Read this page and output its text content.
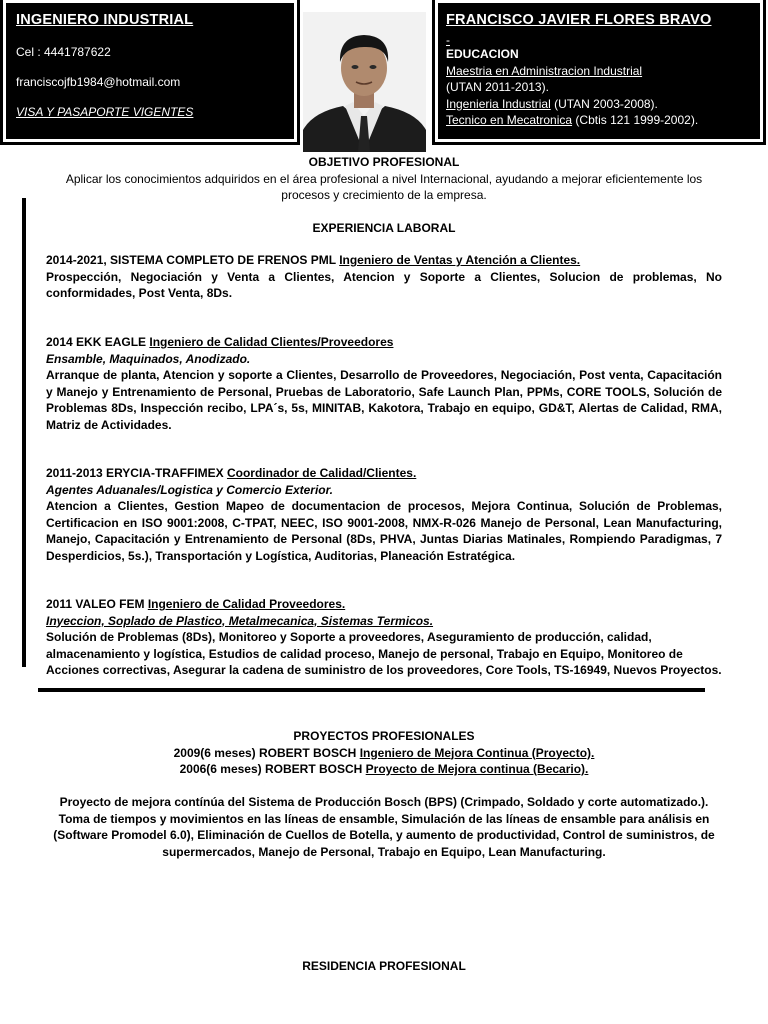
INGENIERO INDUSTRIAL
Cel : 4441787622
franciscojfb1984@hotmail.com
VISA Y PASAPORTE VIGENTES
FRANCISCO JAVIER FLORES BRAVO
-
EDUCACION
Maestria en Administracion Industrial
(UTAN 2011-2013).
Ingenieria Industrial (UTAN 2003-2008).
Tecnico en Mecatronica (Cbtis 121 1999-2002).
OBJETIVO PROFESIONAL
Aplicar los conocimientos adquiridos en el área profesional a nivel Internacional, ayudando a mejorar eficientemente los procesos y crecimiento de la empresa.
EXPERIENCIA LABORAL
2014-2021, SISTEMA COMPLETO DE FRENOS PML Ingeniero de Ventas y Atención a Clientes.
Prospección, Negociación y Venta a Clientes, Atencion y Soporte a Clientes, Solucion de problemas, No conformidades, Post Venta, 8Ds.
2014 EKK EAGLE Ingeniero de Calidad Clientes/Proveedores
Ensamble, Maquinados, Anodizado.
Arranque de planta, Atencion y soporte a Clientes, Desarrollo de Proveedores, Negociación, Post venta, Capacitación y Manejo y Entrenamiento de Personal, Pruebas de Laboratorio, Safe Launch Plan, PPMs, CORE TOOLS, Solución de Problemas 8Ds, Inspección recibo, LPA´s, 5s, MINITAB, Kakotora, Trabajo en equipo, GD&T, Alertas de Calidad, RMA, Matriz de Actividades.
2011-2013 ERYCIA-TRAFFIMEX Coordinador de Calidad/Clientes.
Agentes Aduanales/Logistica y Comercio Exterior.
Atencion a Clientes, Gestion Mapeo de documentacion de procesos, Mejora Continua, Solución de Problemas, Certificacion en ISO 9001:2008, C-TPAT, NEEC, ISO 9001-2008, NMX-R-026 Manejo de Personal, Lean Manufacturing, Manejo, Capacitación y Entrenamiento de Personal (8Ds, PHVA, Juntas Diarias Matinales, Rompiendo Paradigmas, 7 Desperdicios, 5s.), Transportación y Logística, Auditorias, Planeación Estratégica.
2011 VALEO FEM Ingeniero de Calidad Proveedores.
Inyeccion, Soplado de Plastico, Metalmecanica, Sistemas Termicos.
Solución de Problemas (8Ds), Monitoreo y Soporte a proveedores, Aseguramiento de producción, calidad, almacenamiento y logística, Estudios de calidad proceso, Manejo de personal, Trabajo en Equipo, Monitoreo de Acciones correctivas, Asegurar la cadena de suministro de los proveedores, Core Tools, TS-16949, Nuevos Proyectos.
PROYECTOS PROFESIONALES
2009(6 meses) ROBERT BOSCH Ingeniero de Mejora Continua (Proyecto).
2006(6 meses) ROBERT BOSCH Proyecto de Mejora continua (Becario).
Proyecto de mejora contínúa del Sistema de Producción Bosch (BPS) (Crimpado, Soldado y corte automatizado.). Toma de tiempos y movimientos en las líneas de ensamble, Simulación de las líneas de ensamble para análisis en (Software Promodel 6.0), Eliminación de Cuellos de Botella, y aumento de productividad, Control de suministros, de supermercados, Manejo de Personal, Trabajo en Equipo, Lean Manufacturing.
RESIDENCIA PROFESIONAL
